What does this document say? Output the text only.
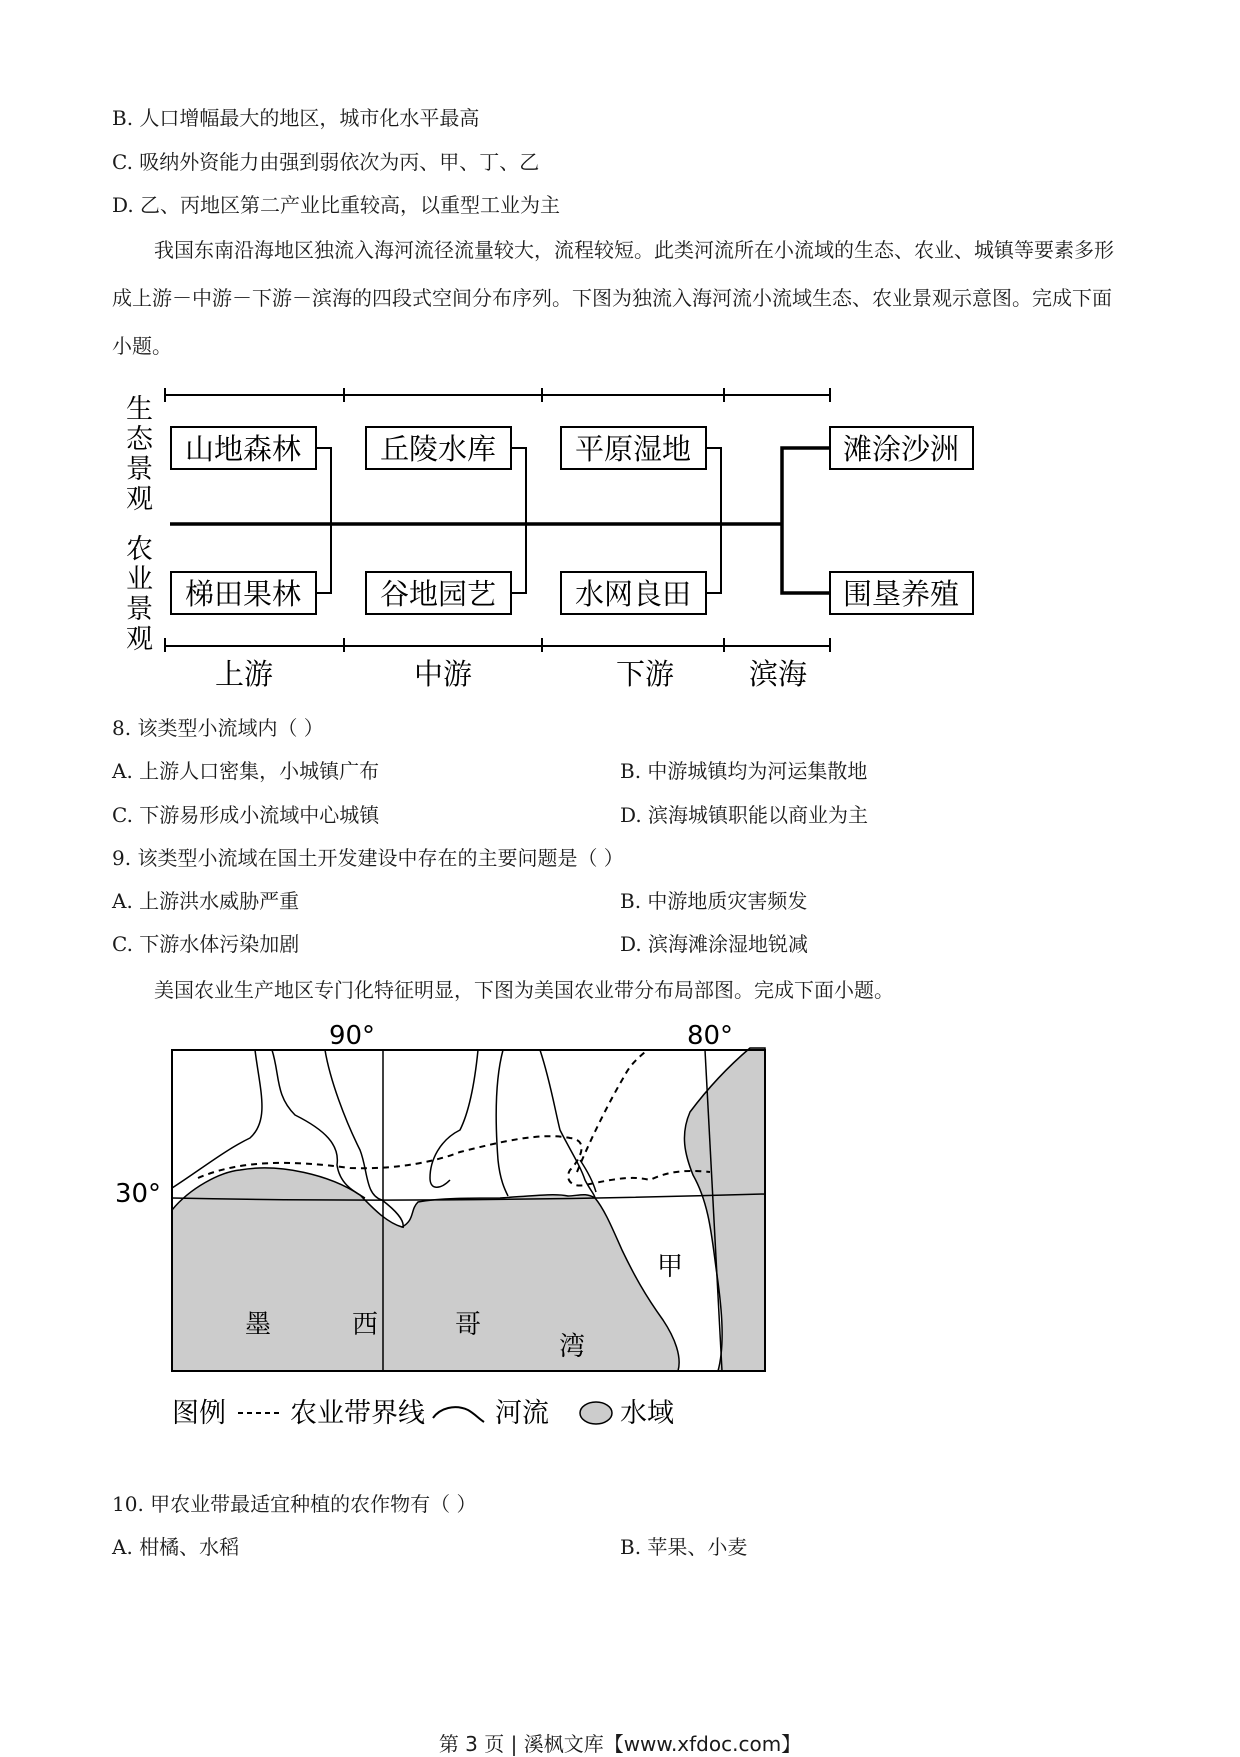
B. 人口增幅最大的地区，城市化水平最高
C. 吸纳外资能力由强到弱依次为丙、甲、丁、乙
D. 乙、丙地区第二产业比重较高，以重型工业为主
我国东南沿海地区独流入海河流径流量较大，流程较短。此类河流所在小流域的生态、农业、城镇等要素多形成上游－中游－下游－滨海的四段式空间分布序列。下图为独流入海河流小流域生态、农业景观示意图。完成下面小题。
生
态
景
观
农
业
景
观
山地森林	丘陵水库	平原湿地	滩涂沙洲
梯田果林	谷地园艺	水网良田	围垦养殖
上游	中游	下游	滨海
8. 该类型小流域内（ ）
A. 上游人口密集，小城镇广布	B. 中游城镇均为河运集散地
C. 下游易形成小流域中心城镇	D. 滨海城镇职能以商业为主
9. 该类型小流域在国土开发建设中存在的主要问题是（ ）
A. 上游洪水威胁严重	B. 中游地质灾害频发
C. 下游水体污染加剧	D. 滨海滩涂湿地锐减
美国农业生产地区专门化特征明显，下图为美国农业带分布局部图。完成下面小题。
90°	80°
30°
甲
墨	西	哥
湾
图例 农业带界线	河流	水域
10. 甲农业带最适宜种植的农作物有（ ）
A. 柑橘、水稻	B. 苹果、小麦
第 3 页 | 溪枫文库【www.xfdoc.com】
